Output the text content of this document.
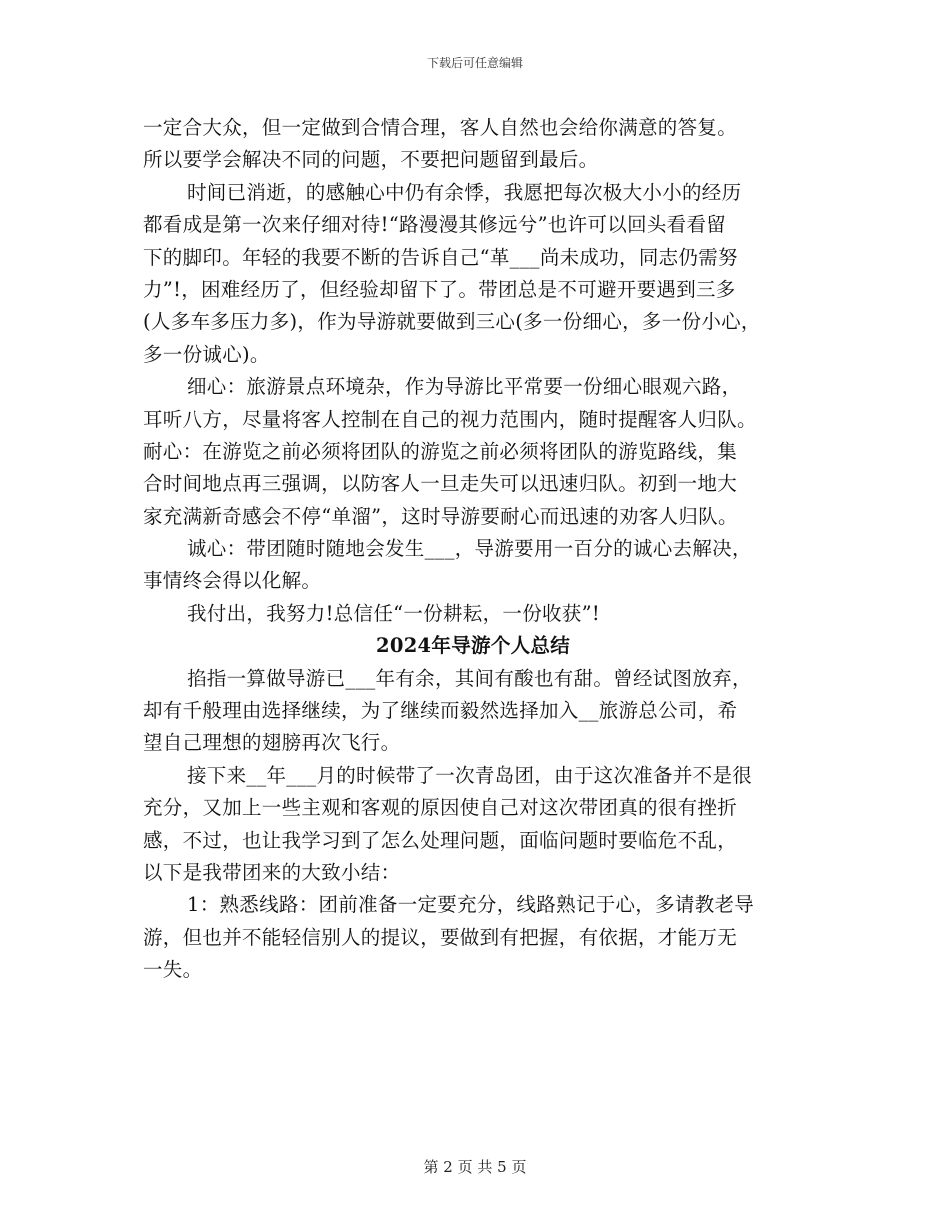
下载后可任意编辑
一定合大众，但一定做到合情合理，客人自然也会给你满意的答复。
所以要学会解决不同的问题，不要把问题留到最后。
时间已消逝，的感触心中仍有余悸，我愿把每次极大小小的经历
都看成是第一次来仔细对待!“路漫漫其修远兮”也许可以回头看看留
下的脚印。年轻的我要不断的告诉自己“革___尚未成功，同志仍需努
力”!，困难经历了，但经验却留下了。带团总是不可避开要遇到三多
(人多车多压力多)，作为导游就要做到三心(多一份细心，多一份小心，
多一份诚心)。
细心：旅游景点环境杂，作为导游比平常要一份细心眼观六路，
耳听八方，尽量将客人控制在自己的视力范围内，随时提醒客人归队。
耐心：在游览之前必须将团队的游览之前必须将团队的游览路线，集
合时间地点再三强调，以防客人一旦走失可以迅速归队。初到一地大
家充满新奇感会不停“单溜”，这时导游要耐心而迅速的劝客人归队。
诚心：带团随时随地会发生___，导游要用一百分的诚心去解决，
事情终会得以化解。
我付出，我努力!总信任“一份耕耘，一份收获”!
2024年导游个人总结
掐指一算做导游已___年有余，其间有酸也有甜。曾经试图放弃，
却有千般理由选择继续，为了继续而毅然选择加入__旅游总公司，希
望自己理想的翅膀再次飞行。
接下来__年___月的时候带了一次青岛团，由于这次准备并不是很
充分，又加上一些主观和客观的原因使自己对这次带团真的很有挫折
感，不过，也让我学习到了怎么处理问题，面临问题时要临危不乱，
以下是我带团来的大致小结：
1：熟悉线路：团前准备一定要充分，线路熟记于心，多请教老导
游，但也并不能轻信别人的提议，要做到有把握，有依据，才能万无
一失。
第 2 页 共 5 页
